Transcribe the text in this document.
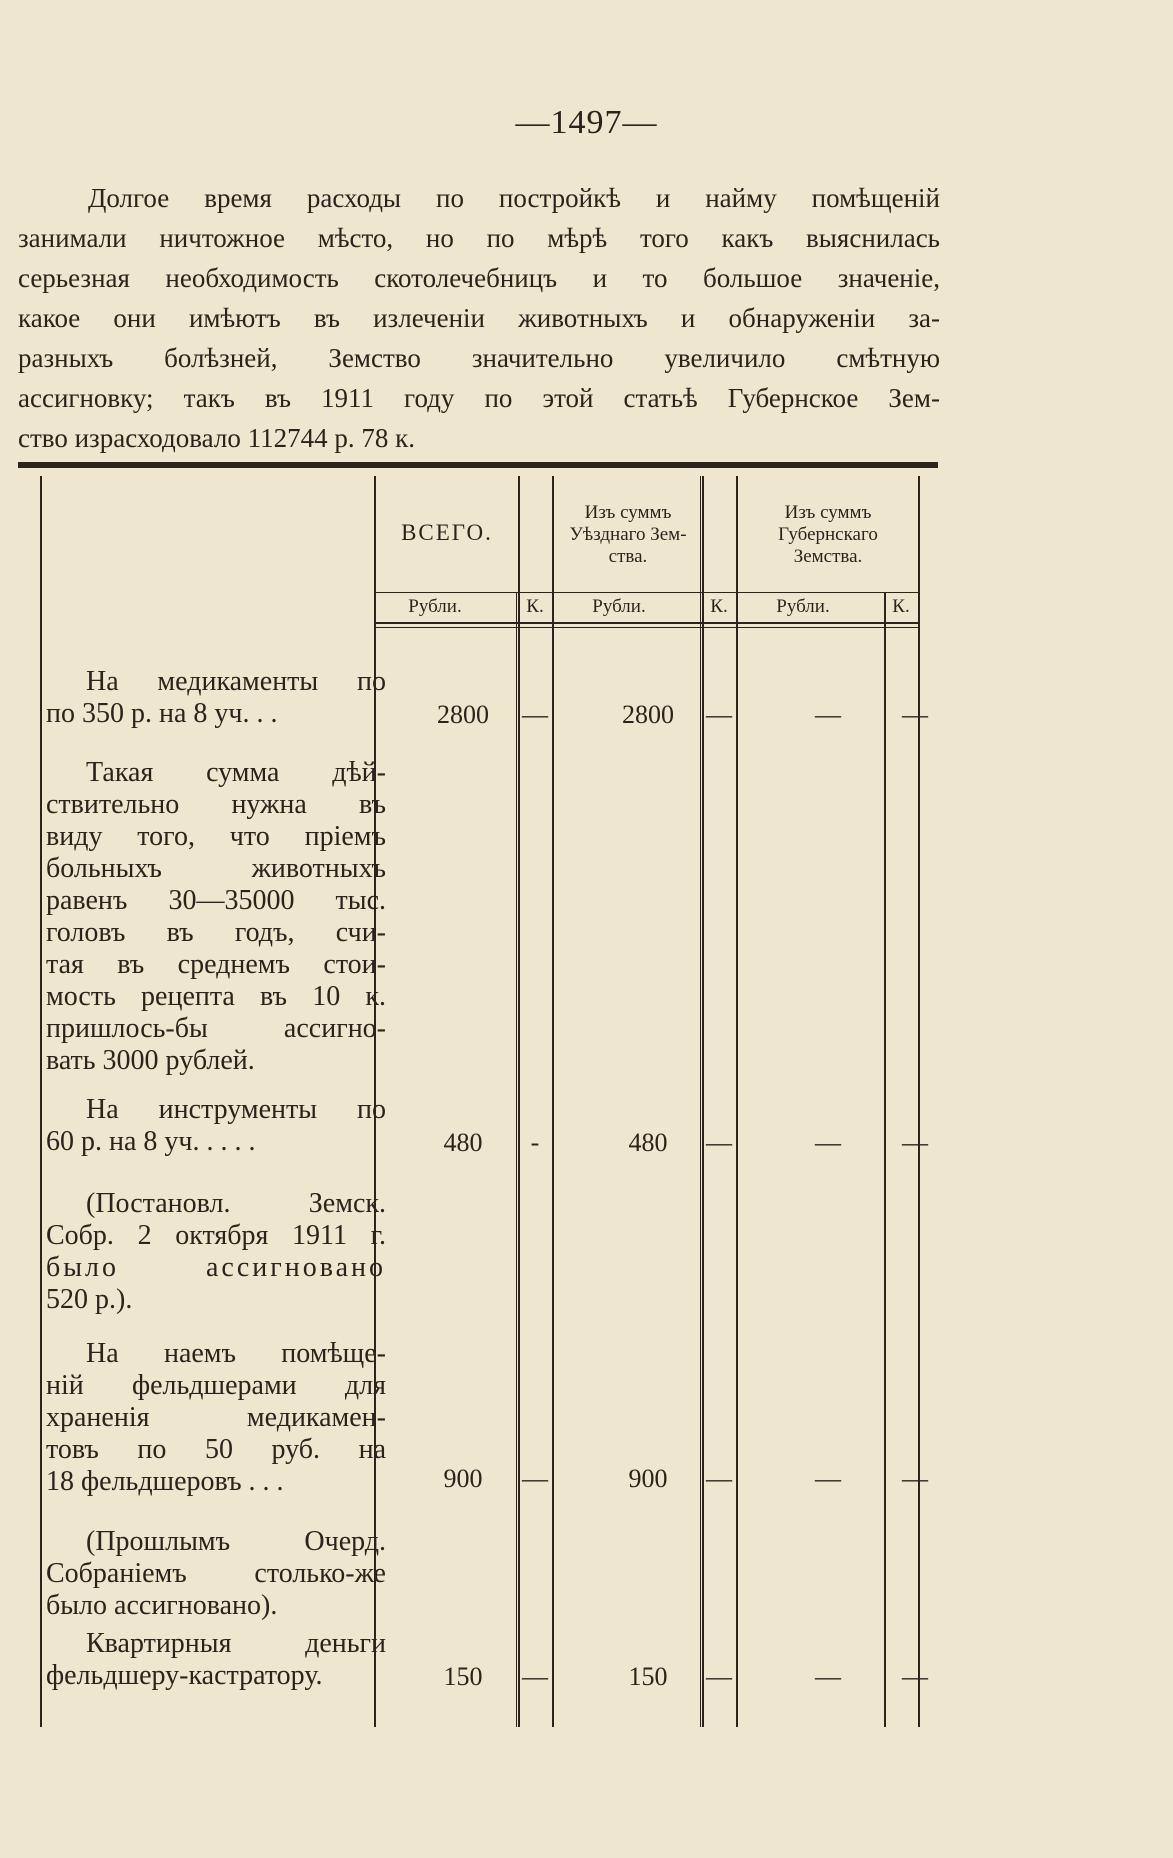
—1497—
Долгое время расходы по постройкѣ и найму помѣщеній
занимали ничтожное мѣсто, но по мѣрѣ того какъ выяснилась
серьезная необходимость скотолечебницъ и то большое значеніе,
какое они имѣютъ въ излеченіи животныхъ и обнаруженіи за-
разныхъ болѣзней, Земство значительно увеличило смѣтную
ассигновку; такъ въ 1911 году по этой статьѣ Губернское Зем-
ство израсходовало 112744 р. 78 к.
ВСЕГО.
Изъ суммъ
Уѣзднаго Зем-
ства.
Изъ суммъ
Губернскаго
Земства.
Рубли.	К.	Рубли.	К.	Рубли.	К.
На медикаменты по
по 350 р. на 8 уч. . .	2800	—	2800	—	—	—
Такая сумма дѣй-
ствительно нужна въ
виду того, что пріемъ
больныхъ животныхъ
равенъ 30—35000 тыс.
головъ въ годъ, счи-
тая въ среднемъ стои-
мость рецепта въ 10 к.
пришлось-бы ассигно-
вать 3000 рублей.
На инструменты по
60 р. на 8 уч. . . . .	480	-	480	—	—	—
(Постановл. Земск.
Собр. 2 октября 1911 г.
было ассигновано
520 р.).
На наемъ помѣще-
ній фельдшерами для
храненія медикамен-
товъ по 50 руб. на
18 фельдшеровъ . . .	900	—	900	—	—	—
(Прошлымъ Очерд.
Собраніемъ столько-же
было ассигновано).
Квартирныя деньги
фельдшеру-кастратору.	150	—	150	—	—	—
